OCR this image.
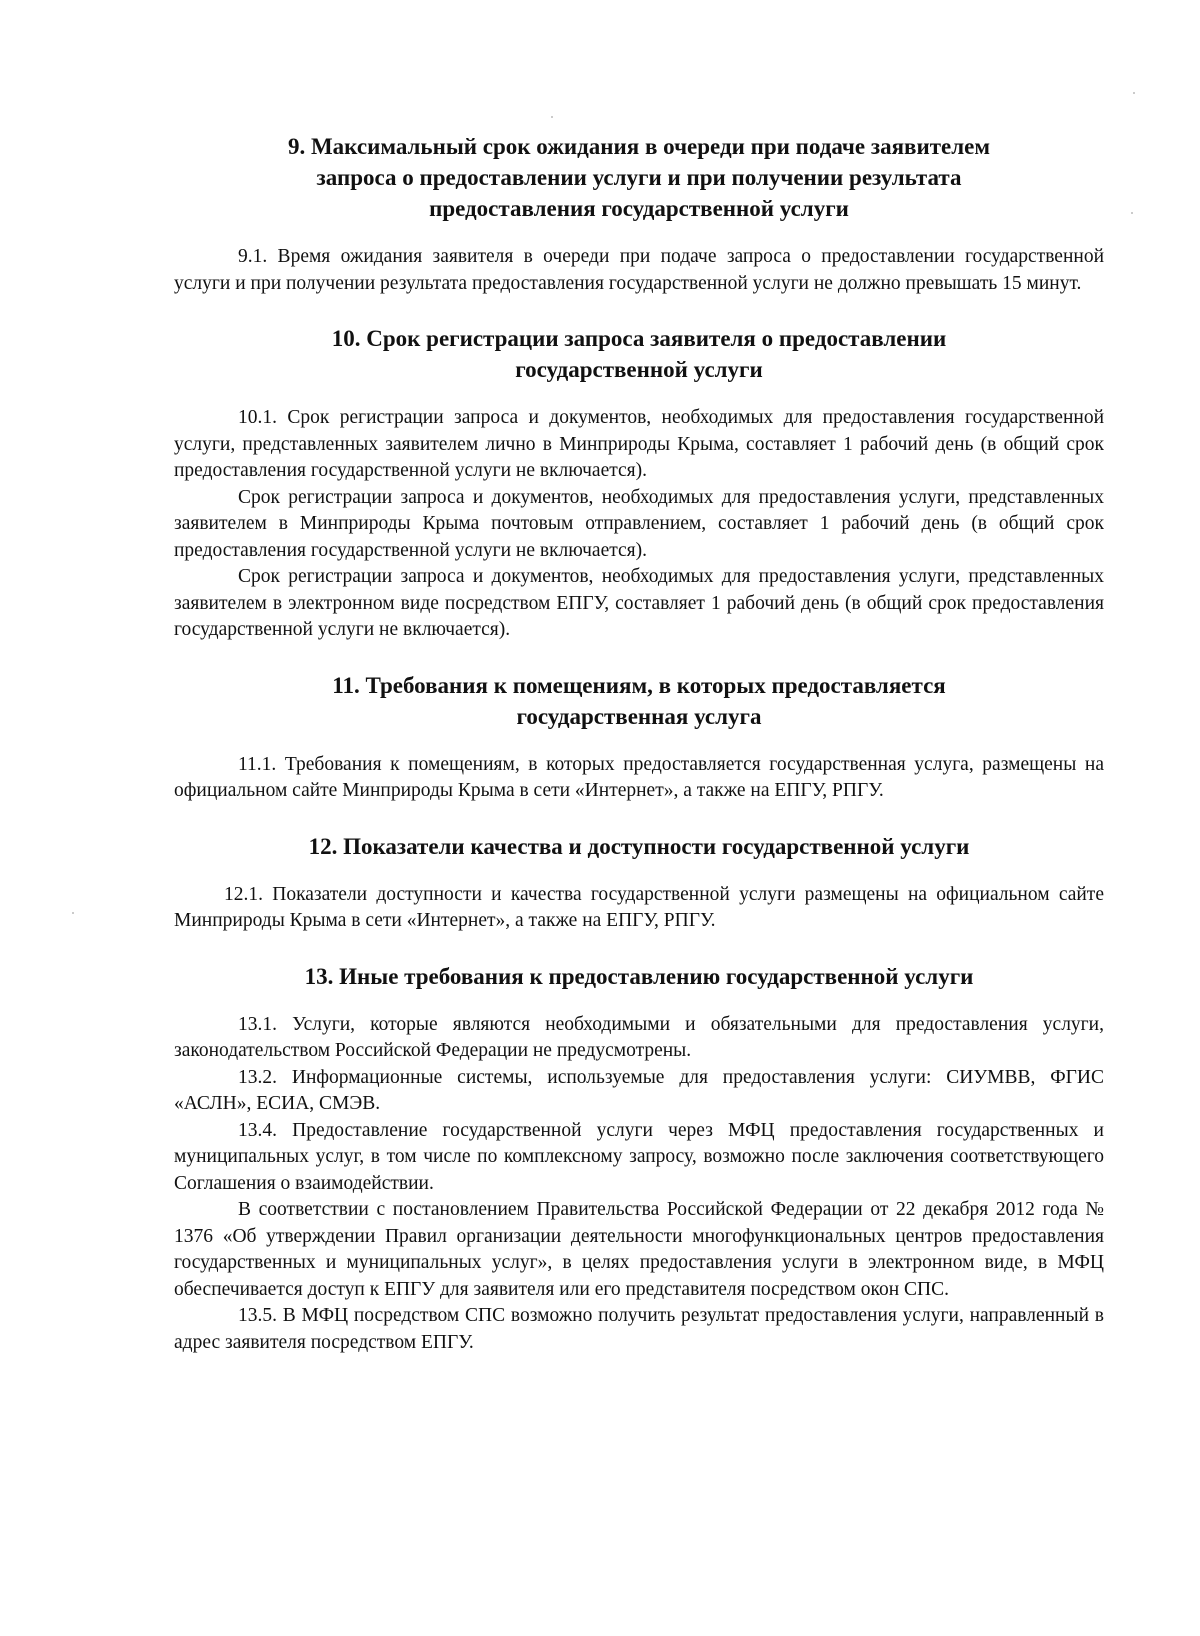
9. Максимальный срок ожидания в очереди при подаче заявителем
запроса о предоставлении услуги и при получении результата
предоставления государственной услуги

9.1. Время ожидания заявителя в очереди при подаче запроса о предоставлении государственной услуги и при получении результата предоставления государственной услуги не должно превышать 15 минут.

10. Срок регистрации запроса заявителя о предоставлении
государственной услуги

10.1. Срок регистрации запроса и документов, необходимых для предоставления государственной услуги, представленных заявителем лично в Минприроды Крыма, составляет 1 рабочий день (в общий срок предоставления государственной услуги не включается).

Срок регистрации запроса и документов, необходимых для предоставления услуги, представленных заявителем в Минприроды Крыма почтовым отправлением, составляет 1 рабочий день (в общий срок предоставления государственной услуги не включается).

Срок регистрации запроса и документов, необходимых для предоставления услуги, представленных заявителем в электронном виде посредством ЕПГУ, составляет 1 рабочий день (в общий срок предоставления государственной услуги не включается).

11. Требования к помещениям, в которых предоставляется
государственная услуга

11.1. Требования к помещениям, в которых предоставляется государственная услуга, размещены на официальном сайте Минприроды Крыма в сети «Интернет», а также на ЕПГУ, РПГУ.

12. Показатели качества и доступности государственной услуги

12.1. Показатели доступности и качества государственной услуги размещены на официальном сайте Минприроды Крыма в сети «Интернет», а также на ЕПГУ, РПГУ.

13. Иные требования к предоставлению государственной услуги

13.1. Услуги, которые являются необходимыми и обязательными для предоставления услуги, законодательством Российской Федерации не предусмотрены.

13.2. Информационные системы, используемые для предоставления услуги: СИУМВВ, ФГИС «АСЛН», ЕСИА, СМЭВ.

13.4. Предоставление государственной услуги через МФЦ предоставления государственных и муниципальных услуг, в том числе по комплексному запросу, возможно после заключения соответствующего Соглашения о взаимодействии.

В соответствии с постановлением Правительства Российской Федерации от 22 декабря 2012 года № 1376 «Об утверждении Правил организации деятельности многофункциональных центров предоставления государственных и муниципальных услуг», в целях предоставления услуги в электронном виде, в МФЦ обеспечивается доступ к ЕПГУ для заявителя или его представителя посредством окон СПС.

13.5. В МФЦ посредством СПС возможно получить результат предоставления услуги, направленный в адрес заявителя посредством ЕПГУ.
